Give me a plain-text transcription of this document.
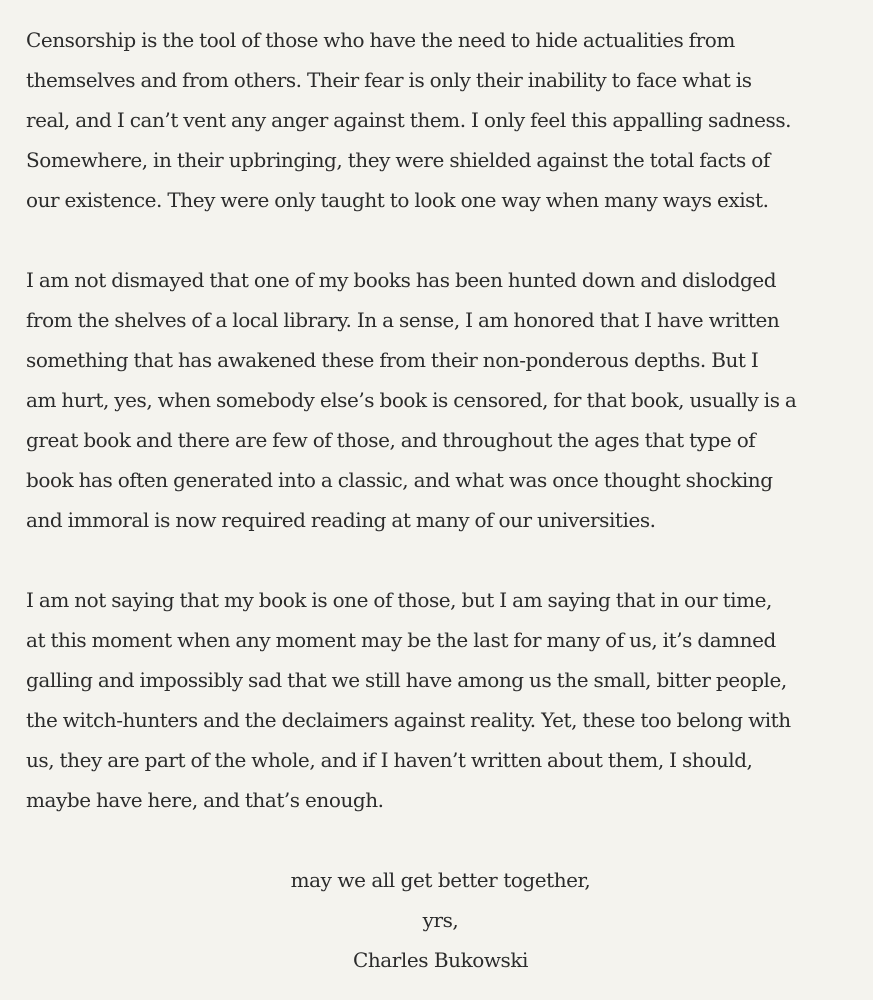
Censorship is the tool of those who have the need to hide actualities from
themselves and from others. Their fear is only their inability to face what is
real, and I can’t vent any anger against them. I only feel this appalling sadness.
Somewhere, in their upbringing, they were shielded against the total facts of
our existence. They were only taught to look one way when many ways exist.

I am not dismayed that one of my books has been hunted down and dislodged
from the shelves of a local library. In a sense, I am honored that I have written
something that has awakened these from their non-ponderous depths. But I
am hurt, yes, when somebody else’s book is censored, for that book, usually is a
great book and there are few of those, and throughout the ages that type of
book has often generated into a classic, and what was once thought shocking
and immoral is now required reading at many of our universities.

I am not saying that my book is one of those, but I am saying that in our time,
at this moment when any moment may be the last for many of us, it’s damned
galling and impossibly sad that we still have among us the small, bitter people,
the witch-hunters and the declaimers against reality. Yet, these too belong with
us, they are part of the whole, and if I haven’t written about them, I should,
maybe have here, and that’s enough.

may we all get better together,
yrs,
Charles Bukowski
